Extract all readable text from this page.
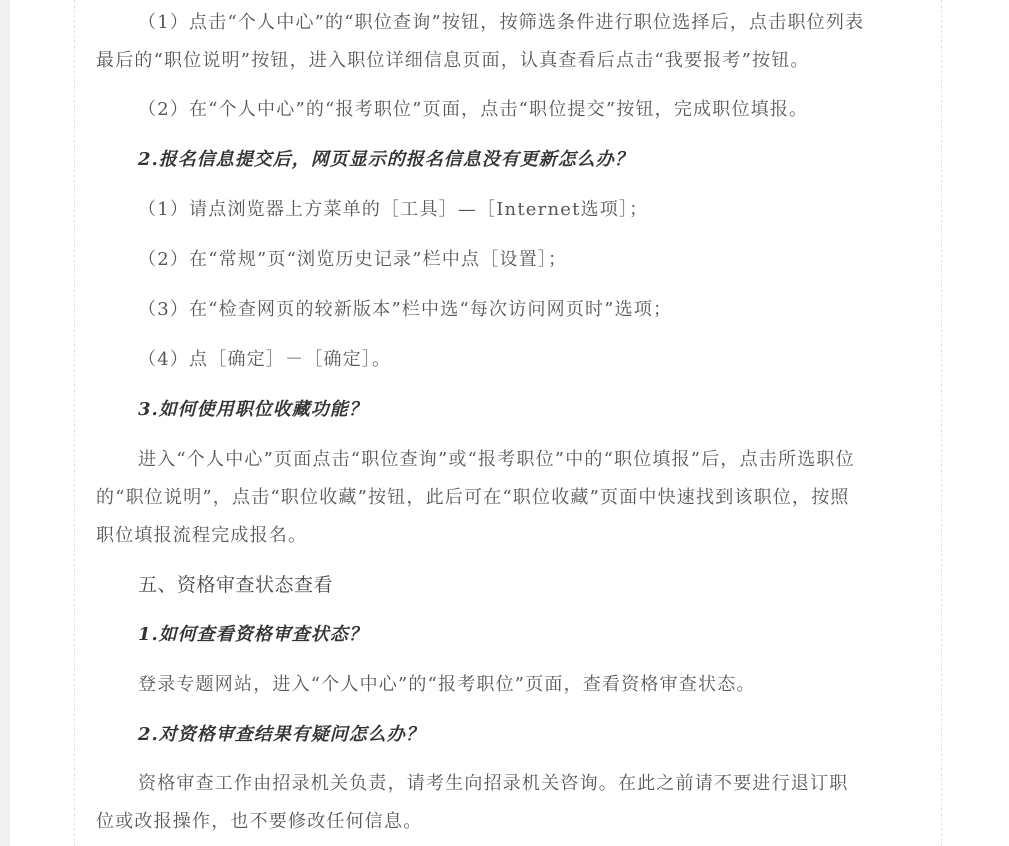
（1）点击“个人中心”的“职位查询”按钮，按筛选条件进行职位选择后，点击职位列表
最后的“职位说明”按钮，进入职位详细信息页面，认真查看后点击“我要报考”按钮。

（2）在“个人中心”的“报考职位”页面，点击“职位提交”按钮，完成职位填报。

2.报名信息提交后，网页显示的报名信息没有更新怎么办？

（1）请点浏览器上方菜单的［工具］—［Internet选项］；

（2）在“常规”页“浏览历史记录”栏中点［设置］；

（3）在“检查网页的较新版本”栏中选“每次访问网页时”选项；

（4）点［确定］－［确定］。

3.如何使用职位收藏功能？

进入“个人中心”页面点击“职位查询”或“报考职位”中的“职位填报”后，点击所选职位
的“职位说明”，点击“职位收藏”按钮，此后可在“职位收藏”页面中快速找到该职位，按照
职位填报流程完成报名。

五、资格审查状态查看

1.如何查看资格审查状态？

登录专题网站，进入“个人中心”的“报考职位”页面，查看资格审查状态。

2.对资格审查结果有疑问怎么办？

资格审查工作由招录机关负责，请考生向招录机关咨询。在此之前请不要进行退订职
位或改报操作，也不要修改任何信息。
